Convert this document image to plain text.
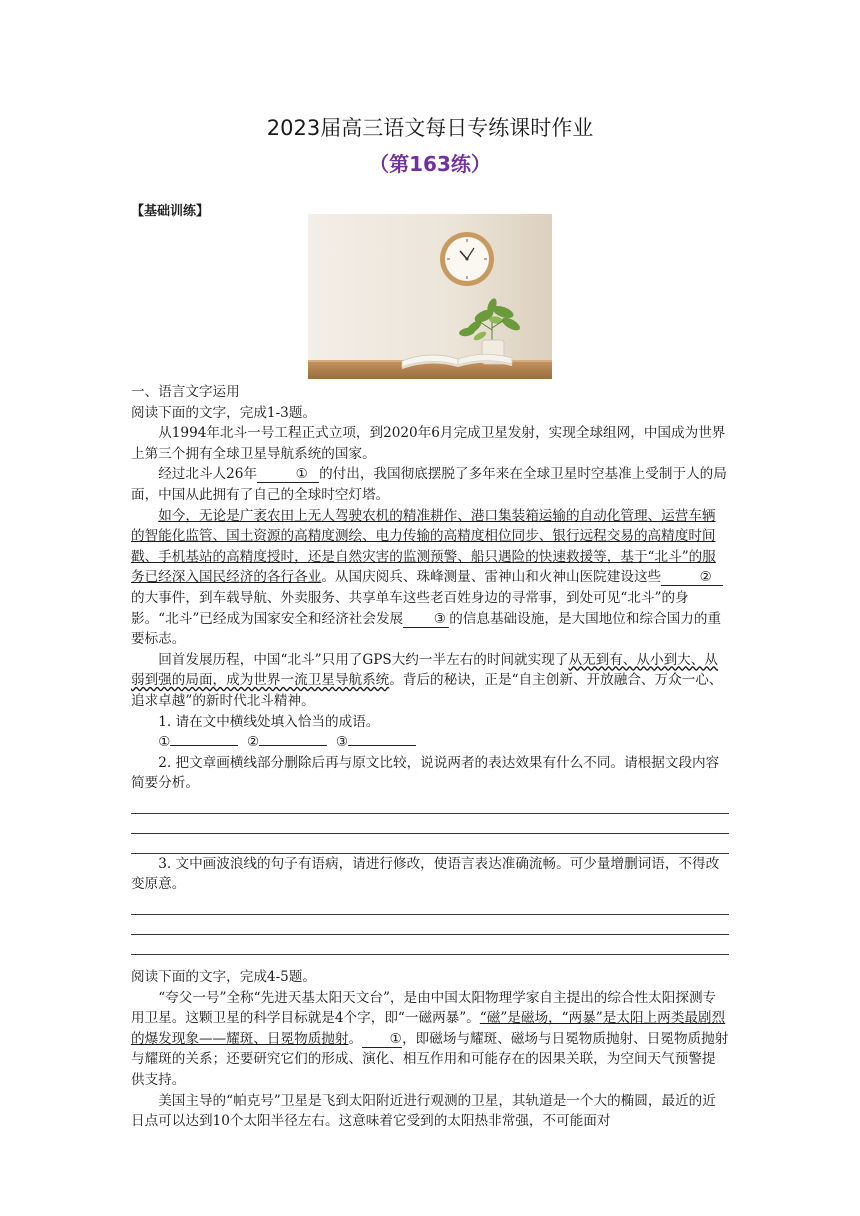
2023届高三语文每日专练课时作业
（第163练）
【基础训练】

一、语言文字运用

阅读下面的文字，完成1-3题。

从1994年北斗一号工程正式立项，到2020年6月完成卫星发射，实现全球组网，中国成为世界上第三个拥有全球卫星导航系统的国家。

经过北斗人26年	① 的付出，我国彻底摆脱了多年来在全球卫星时空基准上受制于人的局面，中国从此拥有了自己的全球时空灯塔。

如今，无论是广袤农田上无人驾驶农机的精准耕作、港口集装箱运输的自动化管理、运营车辆的智能化监管、国土资源的高精度测绘、电力传输的高精度相位同步、银行远程交易的高精度时间戳、手机基站的高精度授时，还是自然灾害的监测预警、船只遇险的快速救援等，基于“北斗”的服务已经深入国民经济的各行各业。从国庆阅兵、珠峰测量、雷神山和火神山医院建设这些	②的大事件，到车载导航、外卖服务、共享单车这些老百姓身边的寻常事，到处可见“北斗”的身影。“北斗”已经成为国家安全和经济社会发展 ③ 的信息基础设施，是大国地位和综合国力的重要标志。

回首发展历程，中国“北斗”只用了GPS大约一半左右的时间就实现了从无到有、从小到大、从弱到强的局面，成为世界一流卫星导航系统。背后的秘诀，正是“自主创新、开放融合、万众一心、追求卓越”的新时代北斗精神。

1. 请在文中横线处填入恰当的成语。

①	②	③

2. 把文章画横线部分删除后再与原文比较，说说两者的表达效果有什么不同。请根据文段内容简要分析。

3. 文中画波浪线的句子有语病，请进行修改，使语言表达准确流畅。可少量增删词语，不得改变原意。

阅读下面的文字，完成4-5题。

“夸父一号”全称“先进天基太阳天文台”，是由中国太阳物理学家自主提出的综合性太阳探测专用卫星。这颗卫星的科学目标就是4个字，即“一磁两暴”。“磁”是磁场，“两暴”是太阳上两类最剧烈的爆发现象——耀斑、日冕物质抛射。 ①，即磁场与耀斑、磁场与日冕物质抛射、日冕物质抛射与耀斑的关系；还要研究它们的形成、演化、相互作用和可能存在的因果关联，为空间天气预警提供支持。

美国主导的“帕克号”卫星是飞到太阳附近进行观测的卫星，其轨道是一个大的椭圆，最近的近日点可以达到10个太阳半径左右。这意味着它受到的太阳热非常强，不可能面对
